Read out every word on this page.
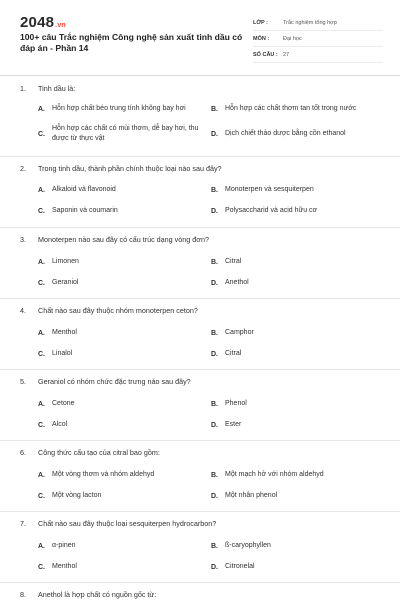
2048.vn
100+ câu Trắc nghiệm Công nghệ sản xuất tinh dầu có đáp án - Phần 14
LỚP :	Trắc nghiệm tổng hợp
MÔN :	Đại học
SỐ CÂU : 27
1. Tinh dầu là:
A.	Hỗn hợp chất béo trung tính không bay hơi	B.	Hỗn hợp các chất thơm tan tốt trong nước
C.
Hỗn hợp các chất có mùi thơm, dễ bay hơi, thu được từ thực vật
D.	Dịch chiết thảo dược bằng cồn ethanol
2. Trong tinh dầu, thành phần chính thuộc loại nào sau đây?
A.	Alkaloid và flavonoid	B.	Monoterpen và sesquiterpen
C.	Saponin và coumarin	D.	Polysaccharid và acid hữu cơ
3. Monoterpen nào sau đây có cấu trúc dạng vòng đơn?
A.	Limonen	B.	Citral
C.	Geraniol	D.	Anethol
4. Chất nào sau đây thuộc nhóm monoterpen ceton?
A.	Menthol	B.	Camphor
C.	Linalol	D.	Citral
5. Geraniol có nhóm chức đặc trưng nào sau đây?
A.	Cetone	B.	Phenol
C.	Alcol	D.	Ester
6. Công thức cấu tạo của citral bao gồm:
A.	Một vòng thơm và nhóm aldehyd	B.	Một mạch hở với nhóm aldehyd
C.	Một vòng lacton	D.	Một nhân phenol
7. Chất nào sau đây thuộc loại sesquiterpen hydrocarbon?
A.	α-pinen	B.	ß-caryophyllen
C.	Menthol	D.	Citronelal
8. Anethol là hợp chất có nguồn gốc từ:
